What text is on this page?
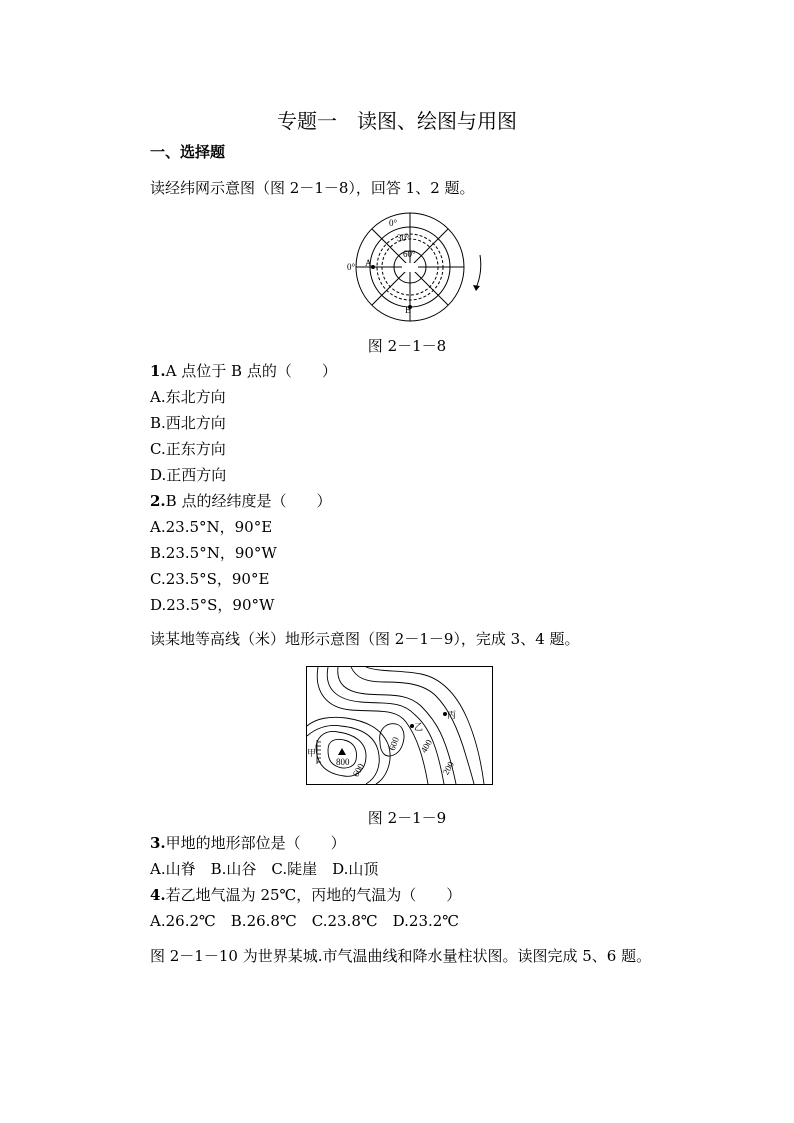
专题一　读图、绘图与用图
一、选择题
读经纬网示意图（图 2－1－8），回答 1、2 题。
0°
30°
60°
0° A
B
图 2－1－8
1.A 点位于 B 点的（　　）
A.东北方向
B.西北方向
C.正东方向
D.正西方向
2.B 点的经纬度是（　　）
A.23.5°N，90°E
B.23.5°N，90°W
C.23.5°S，90°E
D.23.5°S，90°W
读某地等高线（米）地形示意图（图 2－1－9），完成 3、4 题。
800
600
600
400
200
甲
乙
丙
图 2－1－9
3.甲地的地形部位是（　　）
A.山脊　B.山谷　C.陡崖　D.山顶
4.若乙地气温为 25℃，丙地的气温为（　　）
A.26.2℃　B.26.8℃　C.23.8℃　D.23.2℃
图 2－1－10 为世界某城.市气温曲线和降水量柱状图。读图完成 5、6 题。
